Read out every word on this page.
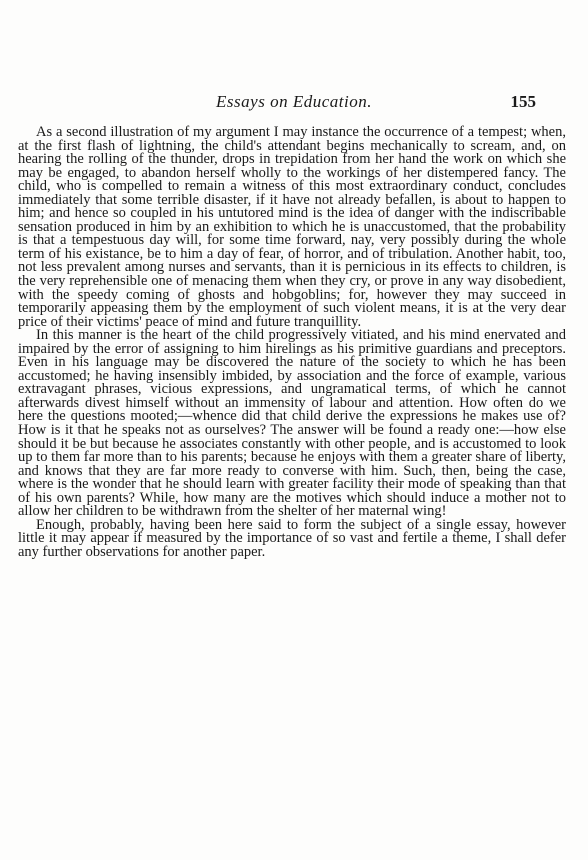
Essays on Education.	155

As a second illustration of my argument I may instance the occurrence of a tempest; when, at the first flash of lightning, the child's attendant begins mechanically to scream, and, on hearing the rolling of the thunder, drops in trepidation from her hand the work on which she may be engaged, to abandon herself wholly to the workings of her distempered fancy. The child, who is compelled to remain a witness of this most extraordinary conduct, concludes immediately that some terrible disaster, if it have not already befallen, is about to happen to him; and hence so coupled in his untutored mind is the idea of danger with the indiscribable sensation produced in him by an exhibition to which he is unaccustomed, that the probability is that a tempestuous day will, for some time forward, nay, very possibly during the whole term of his existance, be to him a day of fear, of horror, and of tribulation. Another habit, too, not less prevalent among nurses and servants, than it is pernicious in its effects to children, is the very reprehensible one of menacing them when they cry, or prove in any way disobedient, with the speedy coming of ghosts and hobgoblins; for, however they may succeed in temporarily appeasing them by the employment of such violent means, it is at the very dear price of their victims' peace of mind and future tranquillity.

In this manner is the heart of the child progressively vitiated, and his mind enervated and impaired by the error of assigning to him hirelings as his primitive guardians and preceptors. Even in his language may be discovered the nature of the society to which he has been accustomed; he having insensibly imbided, by association and the force of example, various extravagant phrases, vicious expressions, and ungramatical terms, of which he cannot afterwards divest himself without an immensity of labour and attention. How often do we here the questions mooted;—whence did that child derive the expressions he makes use of? How is it that he speaks not as ourselves? The answer will be found a ready one:—how else should it be but because he associates constantly with other people, and is accustomed to look up to them far more than to his parents; because he enjoys with them a greater share of liberty, and knows that they are far more ready to converse with him. Such, then, being the case, where is the wonder that he should learn with greater facility their mode of speaking than that of his own parents? While, how many are the motives which should induce a mother not to allow her children to be withdrawn from the shelter of her maternal wing!

Enough, probably, having been here said to form the subject of a single essay, however little it may appear if measured by the importance of so vast and fertile a theme, I shall defer any further observations for another paper.
